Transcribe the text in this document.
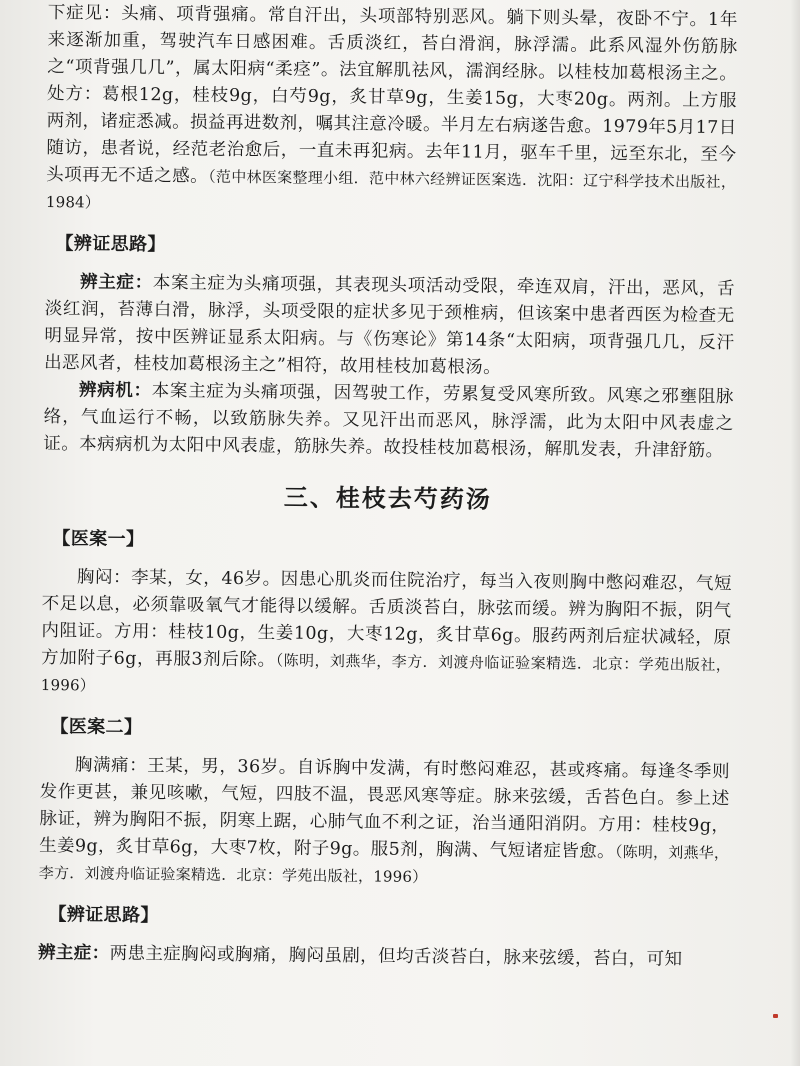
下症见：头痛、项背强痛。常自汗出，头项部特别恶风。躺下则头晕，夜卧不宁。1年来逐渐加重，驾驶汽车日感困难。舌质淡红，苔白滑润，脉浮濡。此系风湿外伤筋脉之“项背强几几”，属太阳病“柔痉”。法宜解肌祛风，濡润经脉。以桂枝加葛根汤主之。处方：葛根12g，桂枝9g，白芍9g，炙甘草9g，生姜15g，大枣20g。两剂。上方服两剂，诸症悉减。损益再进数剂，嘱其注意冷暖。半月左右病遂告愈。1979年5月17日随访，患者说，经范老治愈后，一直未再犯病。去年11月，驱车千里，远至东北，至今头项再无不适之感。（范中林医案整理小组．范中林六经辨证医案选．沈阳：辽宁科学技术出版社，1984）

【辨证思路】

辨主症：本案主症为头痛项强，其表现头项活动受限，牵连双肩，汗出，恶风，舌淡红润，苔薄白滑，脉浮，头项受限的症状多见于颈椎病，但该案中患者西医为检查无明显异常，按中医辨证显系太阳病。与《伤寒论》第14条“太阳病，项背强几几，反汗出恶风者，桂枝加葛根汤主之”相符，故用桂枝加葛根汤。

辨病机：本案主症为头痛项强，因驾驶工作，劳累复受风寒所致。风寒之邪壅阻脉络，气血运行不畅，以致筋脉失养。又见汗出而恶风，脉浮濡，此为太阳中风表虚之证。本病病机为太阳中风表虚，筋脉失养。故投桂枝加葛根汤，解肌发表，升津舒筋。

三、桂枝去芍药汤
【医案一】

胸闷：李某，女，46岁。因患心肌炎而住院治疗，每当入夜则胸中憋闷难忍，气短不足以息，必须靠吸氧气才能得以缓解。舌质淡苔白，脉弦而缓。辨为胸阳不振，阴气内阻证。方用：桂枝10g，生姜10g，大枣12g，炙甘草6g。服药两剂后症状减轻，原方加附子6g，再服3剂后除。（陈明，刘燕华，李方．刘渡舟临证验案精选．北京：学苑出版社，1996）

【医案二】

胸满痛：王某，男，36岁。自诉胸中发满，有时憋闷难忍，甚或疼痛。每逢冬季则发作更甚，兼见咳嗽，气短，四肢不温，畏恶风寒等症。脉来弦缓，舌苔色白。参上述脉证，辨为胸阳不振，阴寒上踞，心肺气血不利之证，治当通阳消阴。方用：桂枝9g，生姜9g，炙甘草6g，大枣7枚，附子9g。服5剂，胸满、气短诸症皆愈。（陈明，刘燕华，李方．刘渡舟临证验案精选．北京：学苑出版社，1996）

【辨证思路】

辨主症：两患主症胸闷或胸痛，胸闷虽剧，但均舌淡苔白，脉来弦缓，苔白，可知
